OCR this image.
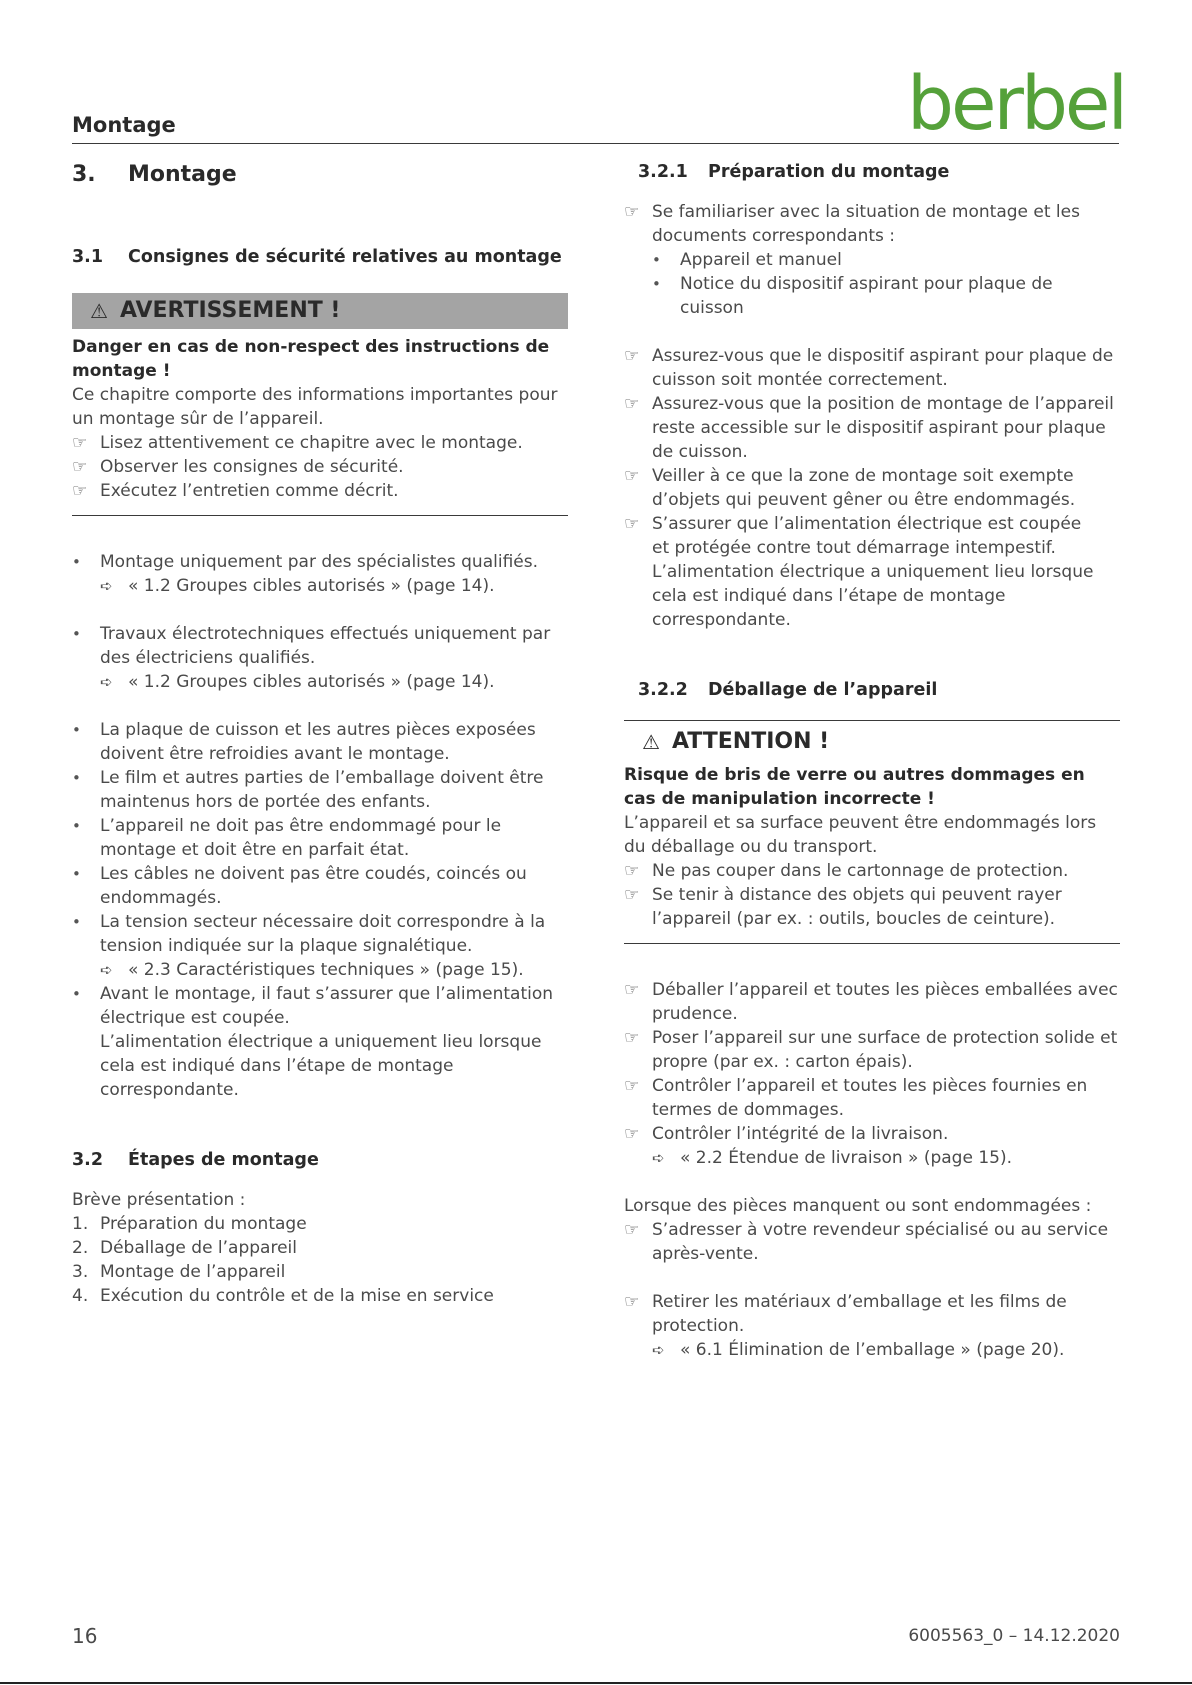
Montage	berbel
3.	Montage
3.1	Consignes de sécurité relatives au montage
⚠ AVERTISSEMENT !

Danger en cas de non-respect des instructions de montage !

Ce chapitre comporte des informations importantes pour un montage sûr de l’appareil.

☞ Lisez attentivement ce chapitre avec le montage.
☞ Observer les consignes de sécurité.
☞ Exécutez l’entretien comme décrit.
•	Montage uniquement par des spécialistes qualifiés.
➪ « 1.2 Groupes cibles autorisés » (page 14).
•	Travaux électrotechniques effectués uniquement par des électriciens qualifiés.
➪ « 1.2 Groupes cibles autorisés » (page 14).
•	La plaque de cuisson et les autres pièces exposées doivent être refroidies avant le montage.
•	Le film et autres parties de l’emballage doivent être maintenus hors de portée des enfants.
•	L’appareil ne doit pas être endommagé pour le montage et doit être en parfait état.
•	Les câbles ne doivent pas être coudés, coincés ou endommagés.
•	La tension secteur nécessaire doit correspondre à la tension indiquée sur la plaque signalétique.
➪ « 2.3 Caractéristiques techniques » (page 15).
•	Avant le montage, il faut s’assurer que l’alimentation électrique est coupée.
L’alimentation électrique a uniquement lieu lorsque cela est indiqué dans l’étape de montage correspondante.
3.2	Étapes de montage

Brève présentation :

1. Préparation du montage
2. Déballage de l’appareil
3. Montage de l’appareil
4. Exécution du contrôle et de la mise en service
3.2.1	Préparation du montage
☞ Se familiariser avec la situation de montage et les documents correspondants :
•	Appareil et manuel
•	Notice du dispositif aspirant pour plaque de cuisson
☞ Assurez-vous que le dispositif aspirant pour plaque de cuisson soit montée correctement.
☞ Assurez-vous que la position de montage de l’appareil reste accessible sur le dispositif aspirant pour plaque de cuisson.
☞ Veiller à ce que la zone de montage soit exempte d’objets qui peuvent gêner ou être endommagés.
☞ S’assurer que l’alimentation électrique est coupée
et protégée contre tout démarrage intempestif.
L’alimentation électrique a uniquement lieu lorsque cela est indiqué dans l’étape de montage correspondante.
3.2.2	Déballage de l’appareil
⚠ ATTENTION !

Risque de bris de verre ou autres dommages en cas de manipulation incorrecte !

L’appareil et sa surface peuvent être endommagés lors du déballage ou du transport.

☞ Ne pas couper dans le cartonnage de protection.
☞ Se tenir à distance des objets qui peuvent rayer l’appareil (par ex. : outils, boucles de ceinture).
☞ Déballer l’appareil et toutes les pièces emballées avec prudence.
☞ Poser l’appareil sur une surface de protection solide et propre (par ex. : carton épais).
☞ Contrôler l’appareil et toutes les pièces fournies en termes de dommages.
☞ Contrôler l’intégrité de la livraison.
➪ « 2.2 Étendue de livraison » (page 15).

Lorsque des pièces manquent ou sont endommagées :

☞ S’adresser à votre revendeur spécialisé ou au service après-vente.
☞ Retirer les matériaux d’emballage et les films de protection.
➪ « 6.1 Élimination de l’emballage » (page 20).
16	6005563_0 – 14.12.2020
